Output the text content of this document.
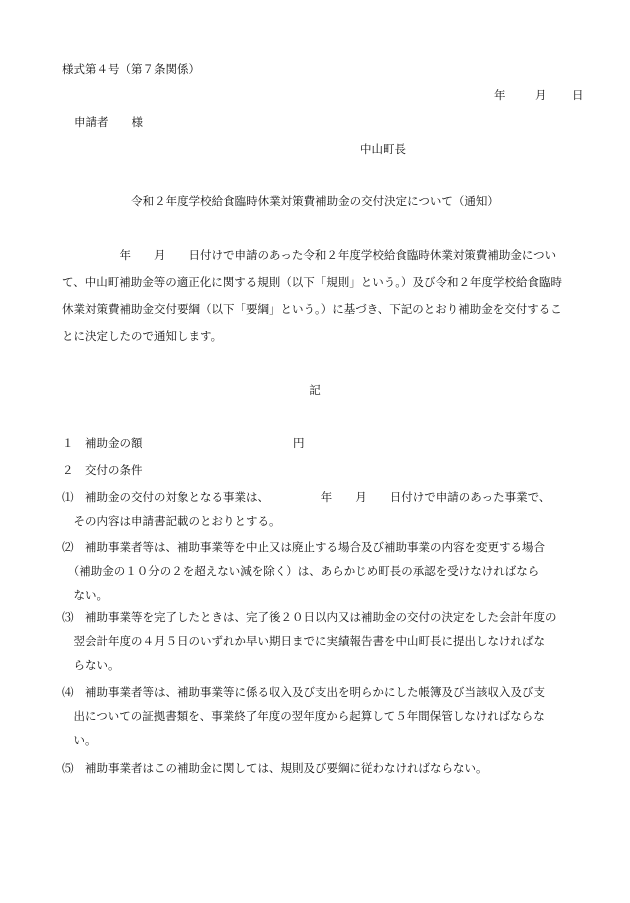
様式第４号（第７条関係）
年	月 日
申請者　　様
中山町長
令和２年度学校給食臨時休業対策費補助金の交付決定について（通知）
　　　　　年　　月　　日付けで申請のあった令和２年度学校給食臨時休業対策費補助金につい
て、中山町補助金等の適正化に関する規則（以下「規則」という。）及び令和２年度学校給食臨時
休業対策費補助金交付要綱（以下「要綱」という。）に基づき、下記のとおり補助金を交付するこ
とに決定したので通知します。
記
１　補助金の額	円
２　交付の条件
⑴　補助金の交付の対象となる事業は、　　　　　年　　月　　日付けで申請のあった事業で、
　その内容は申請書記載のとおりとする。
⑵　補助事業者等は、補助事業等を中止又は廃止する場合及び補助事業の内容を変更する場合
　（補助金の１０分の２を超えない減を除く）は、あらかじめ町長の承認を受けなければなら
　ない。
⑶　補助事業等を完了したときは、完了後２０日以内又は補助金の交付の決定をした会計年度の
　翌会計年度の４月５日のいずれか早い期日までに実績報告書を中山町長に提出しなければな
　らない。
⑷　補助事業者等は、補助事業等に係る収入及び支出を明らかにした帳簿及び当該収入及び支
　出についての証拠書類を、事業終了年度の翌年度から起算して５年間保管しなければならな
　い。
⑸　補助事業者はこの補助金に関しては、規則及び要綱に従わなければならない。
